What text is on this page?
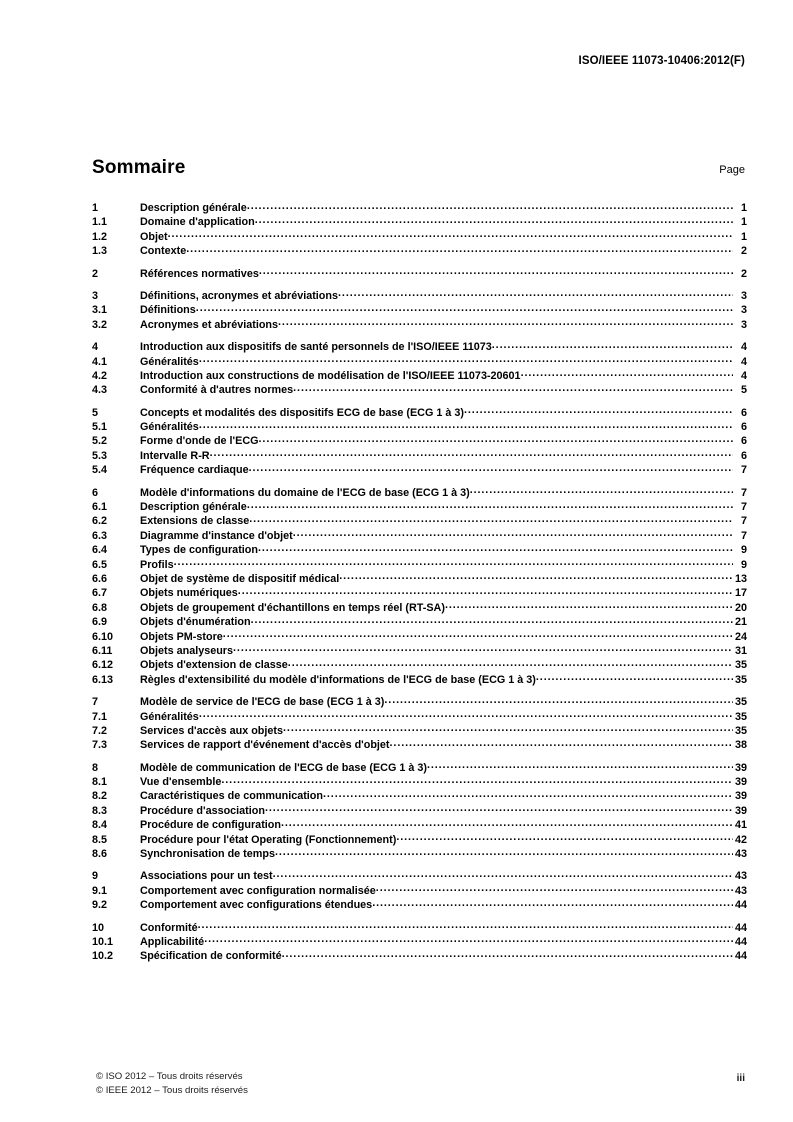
ISO/IEEE 11073-10406:2012(F)
Sommaire	Page
1	Description générale .....	1
1.1	Domaine d'application .....	1
1.2	Objet .....	1
1.3	Contexte .....	2
2	Références normatives .....	2
3	Définitions, acronymes et abréviations .....	3
3.1	Définitions .....	3
3.2	Acronymes et abréviations .....	3
4	Introduction aux dispositifs de santé personnels de l'ISO/IEEE 11073 .....	4
4.1	Généralités .....	4
4.2	Introduction aux constructions de modélisation de l'ISO/IEEE 11073-20601 .....	4
4.3	Conformité à d'autres normes .....	5
5	Concepts et modalités des dispositifs ECG de base (ECG 1 à 3) .....	6
5.1	Généralités .....	6
5.2	Forme d'onde de l'ECG .....	6
5.3	Intervalle R-R .....	6
5.4	Fréquence cardiaque .....	7
6	Modèle d'informations du domaine de l'ECG de base (ECG 1 à 3) .....	7
6.1	Description générale .....	7
6.2	Extensions de classe .....	7
6.3	Diagramme d'instance d'objet .....	7
6.4	Types de configuration .....	9
6.5	Profils .....	9
6.6	Objet de système de dispositif médical .....	13
6.7	Objets numériques .....	17
6.8	Objets de groupement d'échantillons en temps réel (RT-SA) .....	20
6.9	Objets d'énumération .....	21
6.10	Objets PM-store .....	24
6.11	Objets analyseurs .....	31
6.12	Objets d'extension de classe .....	35
6.13	Règles d'extensibilité du modèle d'informations de l'ECG de base (ECG 1 à 3) .....	35
7	Modèle de service de l'ECG de base (ECG 1 à 3) .....	35
7.1	Généralités .....	35
7.2	Services d'accès aux objets .....	35
7.3	Services de rapport d'événement d'accès d'objet .....	38
8	Modèle de communication de l'ECG de base (ECG 1 à 3) .....	39
8.1	Vue d'ensemble .....	39
8.2	Caractéristiques de communication .....	39
8.3	Procédure d'association .....	39
8.4	Procédure de configuration .....	41
8.5	Procédure pour l'état Operating (Fonctionnement) .....	42
8.6	Synchronisation de temps .....	43
9	Associations pour un test .....	43
9.1	Comportement avec configuration normalisée .....	43
9.2	Comportement avec configurations étendues .....	44
10	Conformité .....	44
10.1	Applicabilité .....	44
10.2	Spécification de conformité .....	44
© ISO 2012 – Tous droits réservés
© IEEE 2012 – Tous droits réservés
iii
